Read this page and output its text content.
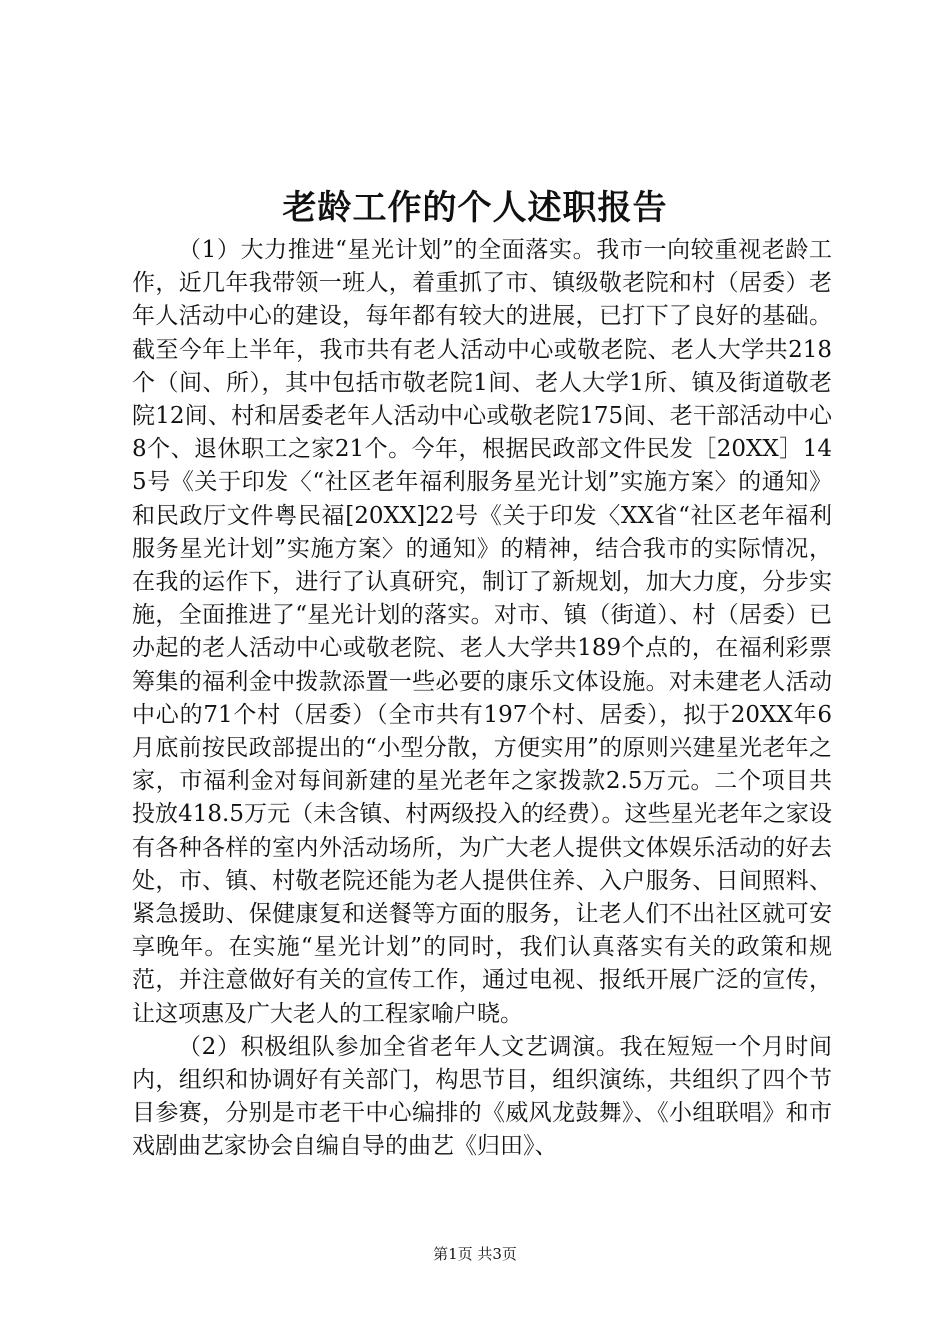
老龄工作的个人述职报告

（1）大力推进“星光计划”的全面落实。我市一向较重视老龄工作，近几年我带领一班人，着重抓了市、镇级敬老院和村（居委）老年人活动中心的建设，每年都有较大的进展，已打下了良好的基础。截至今年上半年，我市共有老人活动中心或敬老院、老人大学共218个（间、所），其中包括市敬老院1间、老人大学1所、镇及街道敬老院12间、村和居委老年人活动中心或敬老院175间、老干部活动中心8个、退休职工之家21个。今年，根据民政部文件民发［20XX］145号《关于印发〈“社区老年福利服务星光计划”实施方案〉的通知》和民政厅文件粤民福[20XX]22号《关于印发〈XX省“社区老年福利服务星光计划”实施方案〉的通知》的精神，结合我市的实际情况，在我的运作下，进行了认真研究，制订了新规划，加大力度，分步实施，全面推进了“星光计划的落实。对市、镇（街道）、村（居委）已办起的老人活动中心或敬老院、老人大学共189个点的，在福利彩票筹集的福利金中拨款添置一些必要的康乐文体设施。对未建老人活动中心的71个村（居委）（全市共有197个村、居委），拟于20XX年6月底前按民政部提出的“小型分散，方便实用”的原则兴建星光老年之家，市福利金对每间新建的星光老年之家拨款2.5万元。二个项目共投放418.5万元（未含镇、村两级投入的经费）。这些星光老年之家设有各种各样的室内外活动场所，为广大老人提供文体娱乐活动的好去处，市、镇、村敬老院还能为老人提供住养、入户服务、日间照料、紧急援助、保健康复和送餐等方面的服务，让老人们不出社区就可安享晚年。在实施“星光计划”的同时，我们认真落实有关的政策和规范，并注意做好有关的宣传工作，通过电视、报纸开展广泛的宣传，让这项惠及广大老人的工程家喻户晓。

（2）积极组队参加全省老年人文艺调演。我在短短一个月时间内，组织和协调好有关部门，构思节目，组织演练，共组织了四个节目参赛，分别是市老干中心编排的《威风龙鼓舞》、《小组联唱》和市戏剧曲艺家协会自编自导的曲艺《归田》、

第1页 共3页
